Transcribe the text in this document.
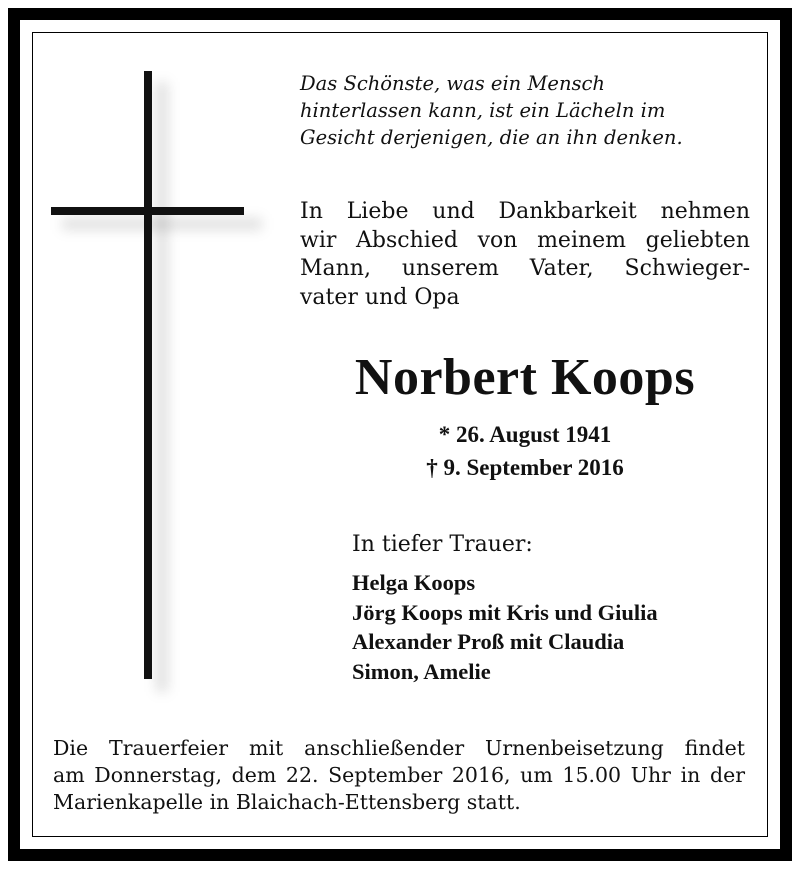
Das Schönste, was ein Mensch
hinterlassen kann, ist ein Lächeln im
Gesicht derjenigen, die an ihn denken.
In Liebe und Dankbarkeit nehmen
wir Abschied von meinem geliebten
Mann, unserem Vater, Schwieger-
vater und Opa
Norbert Koops
* 26. August 1941
† 9. September 2016
In tiefer Trauer:
Helga Koops
Jörg Koops mit Kris und Giulia
Alexander Proß mit Claudia
Simon, Amelie
Die Trauerfeier mit anschließender Urnenbeisetzung findet
am Donnerstag, dem 22. September 2016, um 15.00 Uhr in der
Marienkapelle in Blaichach-Ettensberg statt.
